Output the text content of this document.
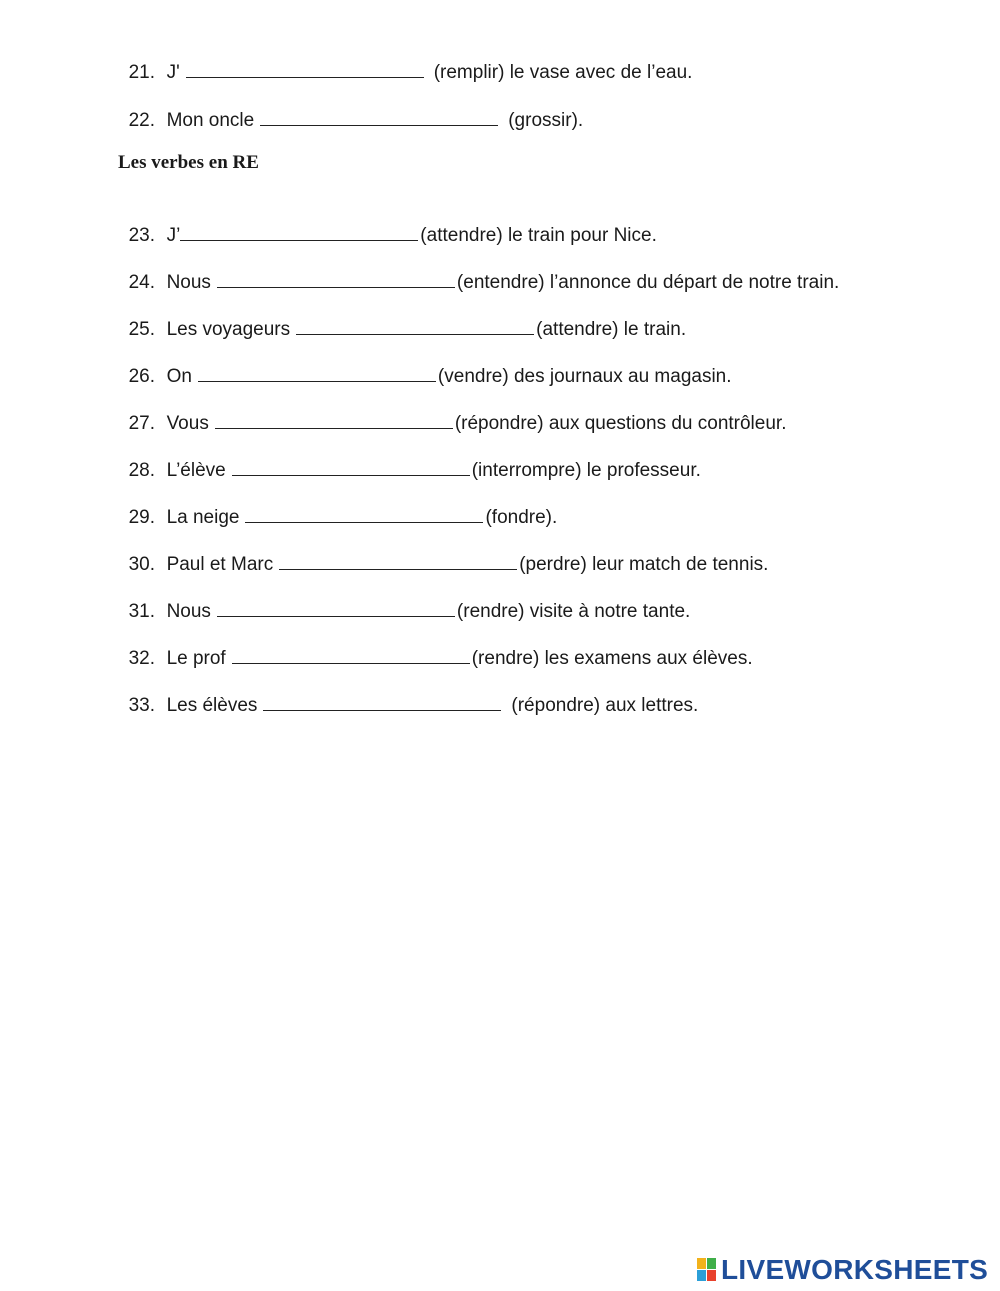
21. J'	(remplir) le vase avec de l’eau.

22. Mon oncle	(grossir).

Les verbes en RE

23. J’	(attendre) le train pour Nice.

24. Nous	(entendre) l’annonce du départ de notre train.

25. Les voyageurs	(attendre) le train.

26. On	(vendre) des journaux au magasin.

27. Vous	(répondre) aux questions du contrôleur.

28. L’élève	(interrompre) le professeur.

29. La neige	(fondre).

30. Paul et Marc	(perdre) leur match de tennis.

31. Nous	(rendre) visite à notre tante.

32. Le prof	(rendre) les examens aux élèves.

33. Les élèves	(répondre) aux lettres.

LIVEWORKSHEETS
